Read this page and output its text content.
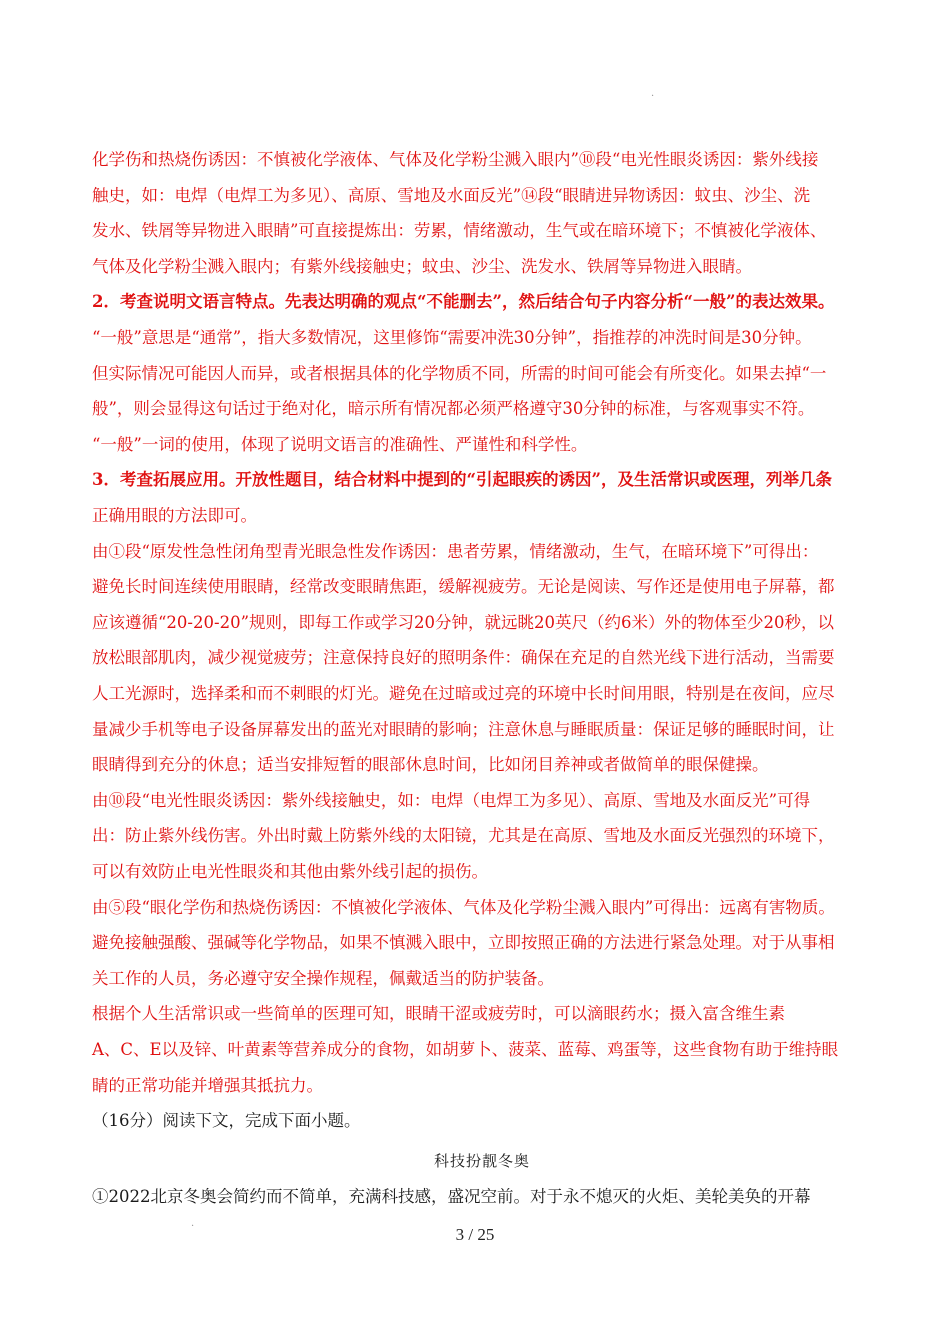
·
化学伤和热烧伤诱因：不慎被化学液体、气体及化学粉尘溅入眼内”⑩段“电光性眼炎诱因：紫外线接
触史，如：电焊（电焊工为多见）、高原、雪地及水面反光”⑭段“眼睛进异物诱因：蚊虫、沙尘、洗
发水、铁屑等异物进入眼睛”可直接提炼出：劳累，情绪激动，生气或在暗环境下；不慎被化学液体、
气体及化学粉尘溅入眼内；有紫外线接触史；蚊虫、沙尘、洗发水、铁屑等异物进入眼睛。
2．考查说明文语言特点。先表达明确的观点“不能删去”，然后结合句子内容分析“一般”的表达效果。
“一般”意思是“通常”，指大多数情况，这里修饰“需要冲洗30分钟”，指推荐的冲洗时间是30分钟。
但实际情况可能因人而异，或者根据具体的化学物质不同，所需的时间可能会有所变化。如果去掉“一
般”，则会显得这句话过于绝对化，暗示所有情况都必须严格遵守30分钟的标准，与客观事实不符。
“一般”一词的使用，体现了说明文语言的准确性、严谨性和科学性。
3．考查拓展应用。开放性题目，结合材料中提到的“引起眼疾的诱因”，及生活常识或医理，列举几条
正确用眼的方法即可。
由①段“原发性急性闭角型青光眼急性发作诱因：患者劳累，情绪激动，生气，在暗环境下”可得出：
避免长时间连续使用眼睛，经常改变眼睛焦距，缓解视疲劳。无论是阅读、写作还是使用电子屏幕，都
应该遵循“20-20-20”规则，即每工作或学习20分钟，就远眺20英尺（约6米）外的物体至少20秒，以
放松眼部肌肉，减少视觉疲劳；注意保持良好的照明条件：确保在充足的自然光线下进行活动，当需要
人工光源时，选择柔和而不刺眼的灯光。避免在过暗或过亮的环境中长时间用眼，特别是在夜间，应尽
量减少手机等电子设备屏幕发出的蓝光对眼睛的影响；注意休息与睡眠质量：保证足够的睡眠时间，让
眼睛得到充分的休息；适当安排短暂的眼部休息时间，比如闭目养神或者做简单的眼保健操。
由⑩段“电光性眼炎诱因：紫外线接触史，如：电焊（电焊工为多见）、高原、雪地及水面反光”可得
出：防止紫外线伤害。外出时戴上防紫外线的太阳镜，尤其是在高原、雪地及水面反光强烈的环境下，
可以有效防止电光性眼炎和其他由紫外线引起的损伤。
由⑤段“眼化学伤和热烧伤诱因：不慎被化学液体、气体及化学粉尘溅入眼内”可得出：远离有害物质。
避免接触强酸、强碱等化学物品，如果不慎溅入眼中，立即按照正确的方法进行紧急处理。对于从事相
关工作的人员，务必遵守安全操作规程，佩戴适当的防护装备。
根据个人生活常识或一些简单的医理可知，眼睛干涩或疲劳时，可以滴眼药水；摄入富含维生素
A、C、E以及锌、叶黄素等营养成分的食物，如胡萝卜、菠菜、蓝莓、鸡蛋等，这些食物有助于维持眼
睛的正常功能并增强其抵抗力。
（16分）阅读下文，完成下面小题。
科技扮靓冬奥
①2022北京冬奥会简约而不简单，充满科技感，盛况空前。对于永不熄灭的火炬、美轮美奂的开幕
·	3 / 25
